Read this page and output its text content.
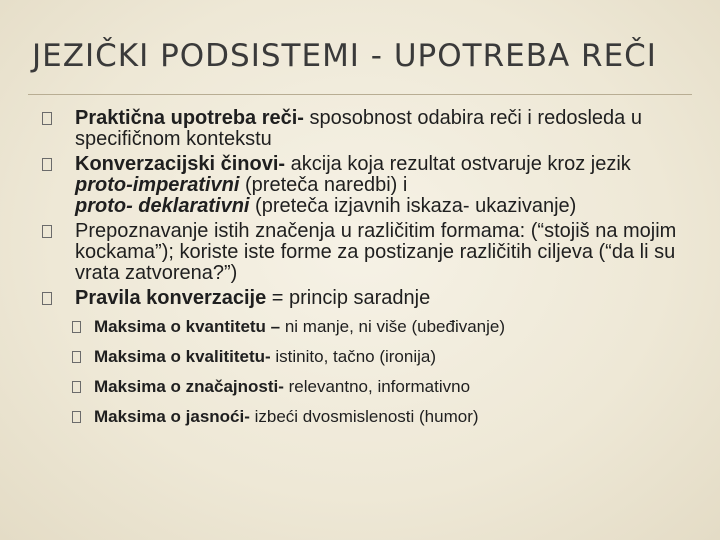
JEZIČKI PODSISTEMI - UPOTREBA REČI
Praktična upotreba reči- sposobnost odabira reči i redosleda u specifičnom kontekstu
Konverzacijski činovi- akcija koja rezultat ostvaruje kroz jezik
proto-imperativni (preteča naredbi) i
proto- deklarativni (preteča izjavnih iskaza- ukazivanje)
Prepoznavanje istih značenja u različitim formama: (“stojiš na mojim kockama”); koriste iste forme za postizanje različitih ciljeva (“da li su vrata zatvorena?”)
Pravila konverzacije = princip saradnje
Maksima o kvantitetu – ni manje, ni više (ubeđivanje)
Maksima o kvalititetu- istinito, tačno (ironija)
Maksima o značajnosti- relevantno, informativno
Maksima o jasnoći- izbeći dvosmislenosti (humor)
